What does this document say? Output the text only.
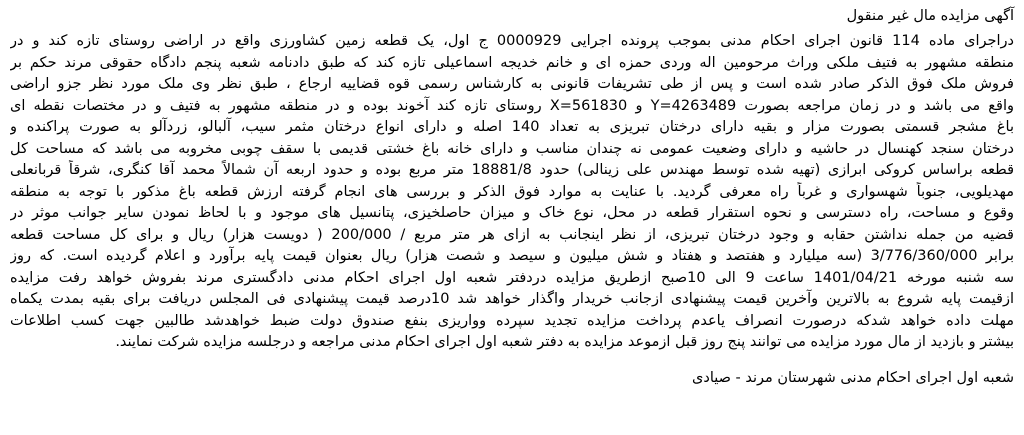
آگهی مزایده مال غیر منقول
دراجرای ماده 114 قانون اجرای احکام مدنی بموجب پرونده اجرایی 0000929 ج اول، یک قطعه زمین کشاورزی واقع در اراضی روستای تازه کند و در
منطقه مشهور به فتیف ملکی وراث مرحومین اله وردی حمزه ای و خانم خدیجه اسماعیلی تازه کند که طبق دادنامه شعبه پنجم دادگاه حقوقی مرند حکم بر
فروش ملک فوق الذکر صادر شده است و پس از طی تشریفات قانونی به کارشناس رسمی قوه قضاییه ارجاع ، طبق نظر وی ملک مورد نظر جزو اراضی
واقع می باشد و در زمان مراجعه بصورت Y=4263489 و X=561830 روستای تازه کند آخوند بوده و در منطقه مشهور به فتیف و در مختصات نقطه ای
باغ مشجر قسمتی بصورت مزار و بقیه دارای درختان تبریزی به تعداد 140 اصله و دارای انواع درختان مثمر سیب، آلبالو، زردآلو به صورت پراکنده و
درختان سنجد کهنسال در حاشیه و دارای وضعیت عمومی نه چندان مناسب و دارای خانه باغ خشتی قدیمی با سقف چوبی مخروبه می باشد که مساحت کل
قطعه براساس کروکی ابرازی (تهیه شده توسط مهندس علی زینالی) حدود 18881/8 متر مربع بوده و حدود اربعه آن شمالاً محمد آقا کنگری، شرقاً قربانعلی
مهدیلویی، جنوباً شهسواری و غرباً راه معرفی گردید. با عنایت به موارد فوق الذکر و بررسی های انجام گرفته ارزش قطعه باغ مذکور با توجه به منطقه
وقوع و مساحت، راه دسترسی و نحوه استقرار قطعه در محل، نوع خاک و میزان حاصلخیزی، پتانسیل های موجود و با لحاظ نمودن سایر جوانب موثر در
قضیه من جمله نداشتن حقابه و وجود درختان تبریزی، از نظر اینجانب به ازای هر متر مربع / 200/000 ( دویست هزار) ریال و برای کل مساحت قطعه
برابر 3/776/360/000 (سه میلیارد و هفتصد و هفتاد و شش میلیون و سیصد و شصت هزار) ریال بعنوان قیمت پایه برآورد و اعلام گردیده است. که روز
سه شنبه مورخه 1401/04/21 ساعت 9 الی 10صبح ازطریق مزایده دردفتر شعبه اول اجرای احکام مدنی دادگستری مرند بفروش خواهد رفت مزایده
ازقیمت پایه شروع به بالاترین وآخرین قیمت پیشنهادی ازجانب خریدار واگذار خواهد شد 10درصد قیمت پیشنهادی فی المجلس دریافت برای بقیه بمدت یکماه
مهلت داده خواهد شدکه درصورت انصراف یاعدم پرداخت مزایده تجدید سپرده وواریزی بنفع صندوق دولت ضبط خواهدشد طالبین جهت کسب اطلاعات
بیشتر و بازدید از مال مورد مزایده می توانند پنج روز قبل ازموعد مزایده به دفتر شعبه اول اجرای احکام مدنی مراجعه و درجلسه مزایده شرکت نمایند.
شعبه اول اجرای احکام مدنی شهرستان مرند - صیادی
